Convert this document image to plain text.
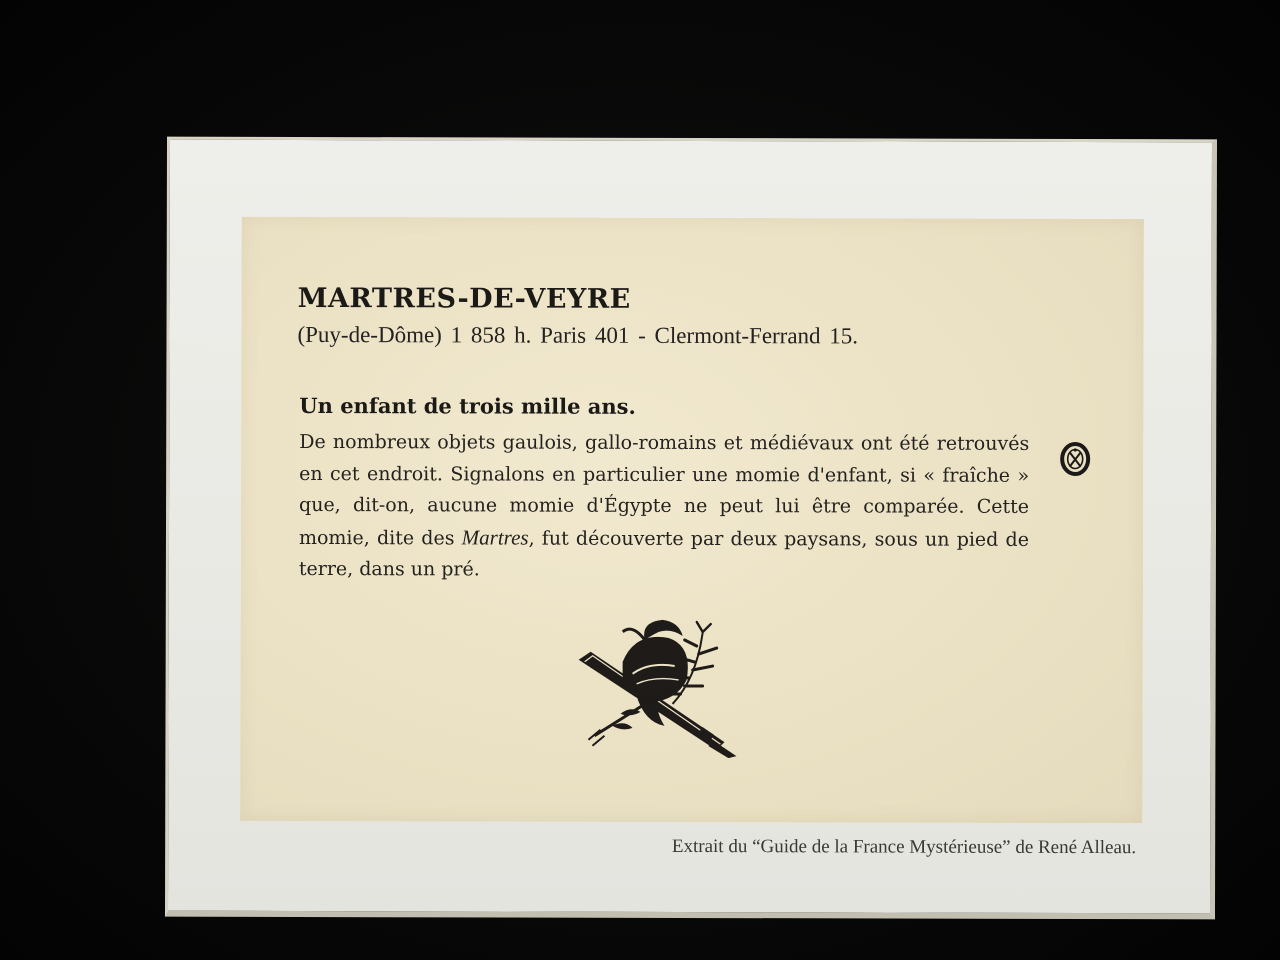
MARTRES-DE-VEYRE

(Puy-de-Dôme) 1 858 h. Paris 401 - Clermont-Ferrand 15.

Un enfant de trois mille ans.

De nombreux objets gaulois, gallo-romains et médiévaux ont été retrouvés en cet endroit. Signalons en particulier une momie d'enfant, si « fraîche » que, dit-on, aucune momie d'Égypte ne peut lui être comparée. Cette momie, dite des Martres, fut découverte par deux paysans, sous un pied de terre, dans un pré.

Extrait du “Guide de la France Mystérieuse” de René Alleau.
